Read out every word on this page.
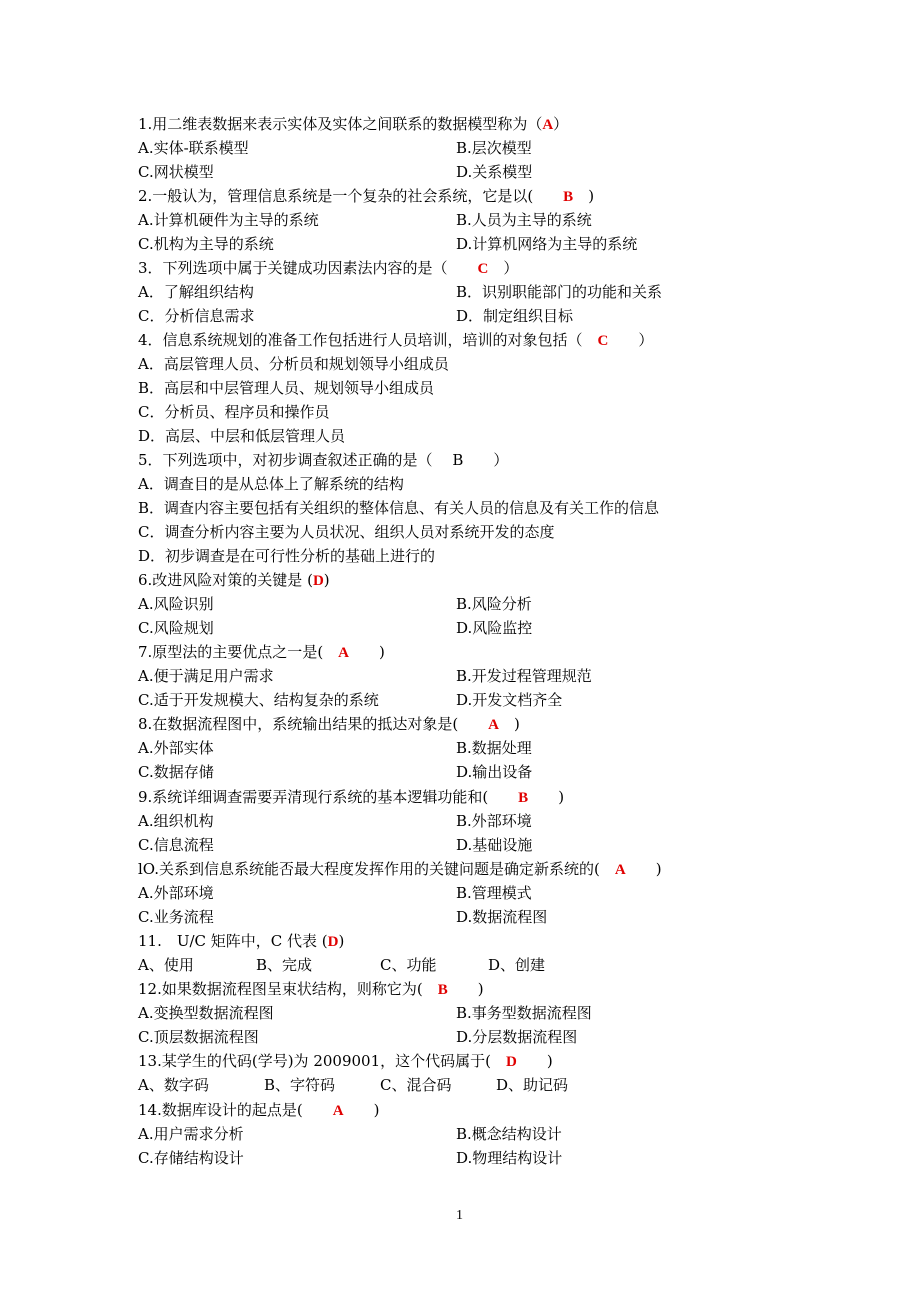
1.用二维表数据来表示实体及实体之间联系的数据模型称为（A）
A.实体-联系模型	B.层次模型
C.网状模型	D.关系模型
2.一般认为，管理信息系统是一个复杂的社会系统，它是以(　　B　)
A.计算机硬件为主导的系统	B.人员为主导的系统
C.机构为主导的系统	D.计算机网络为主导的系统
3．下列选项中属于关键成功因素法内容的是（　　C　）
A．了解组织结构	B．识别职能部门的功能和关系
C．分析信息需求	D．制定组织目标
4．信息系统规划的准备工作包括进行人员培训，培训的对象包括（　C　　）
A．高层管理人员、分析员和规划领导小组成员
B．高层和中层管理人员、规划领导小组成员
C．分析员、程序员和操作员
D．高层、中层和低层管理人员
5．下列选项中，对初步调查叙述正确的是（　 B　　）
A．调查目的是从总体上了解系统的结构
B．调查内容主要包括有关组织的整体信息、有关人员的信息及有关工作的信息
C．调查分析内容主要为人员状况、组织人员对系统开发的态度
D．初步调查是在可行性分析的基础上进行的
6.改进风险对策的关键是 (D)
A.风险识别	B.风险分析
C.风险规划	D.风险监控
7.原型法的主要优点之一是(　A　　)
A.便于满足用户需求	B.开发过程管理规范
C.适于开发规模大、结构复杂的系统	D.开发文档齐全
8.在数据流程图中，系统输出结果的抵达对象是(　　A　)
A.外部实体	B.数据处理
C.数据存储	D.输出设备
9.系统详细调查需要弄清现行系统的基本逻辑功能和(　　B　　)
A.组织机构	B.外部环境
C.信息流程	D.基础设施
lO.关系到信息系统能否最大程度发挥作用的关键问题是确定新系统的(　A　　)
A.外部环境	B.管理模式
C.业务流程	D.数据流程图
11.　U/C 矩阵中，C 代表 (D)
A、使用	B、完成	C、功能	D、创建
12.如果数据流程图呈束状结构，则称它为(　B　　)
A.变换型数据流程图	B.事务型数据流程图
C.顶层数据流程图	D.分层数据流程图
13.某学生的代码(学号)为 2009001，这个代码属于(　D　　)
A、数字码	B、字符码	C、混合码	D、助记码
14.数据库设计的起点是(　　A　　)
A.用户需求分析	B.概念结构设计
C.存储结构设计	D.物理结构设计
1
